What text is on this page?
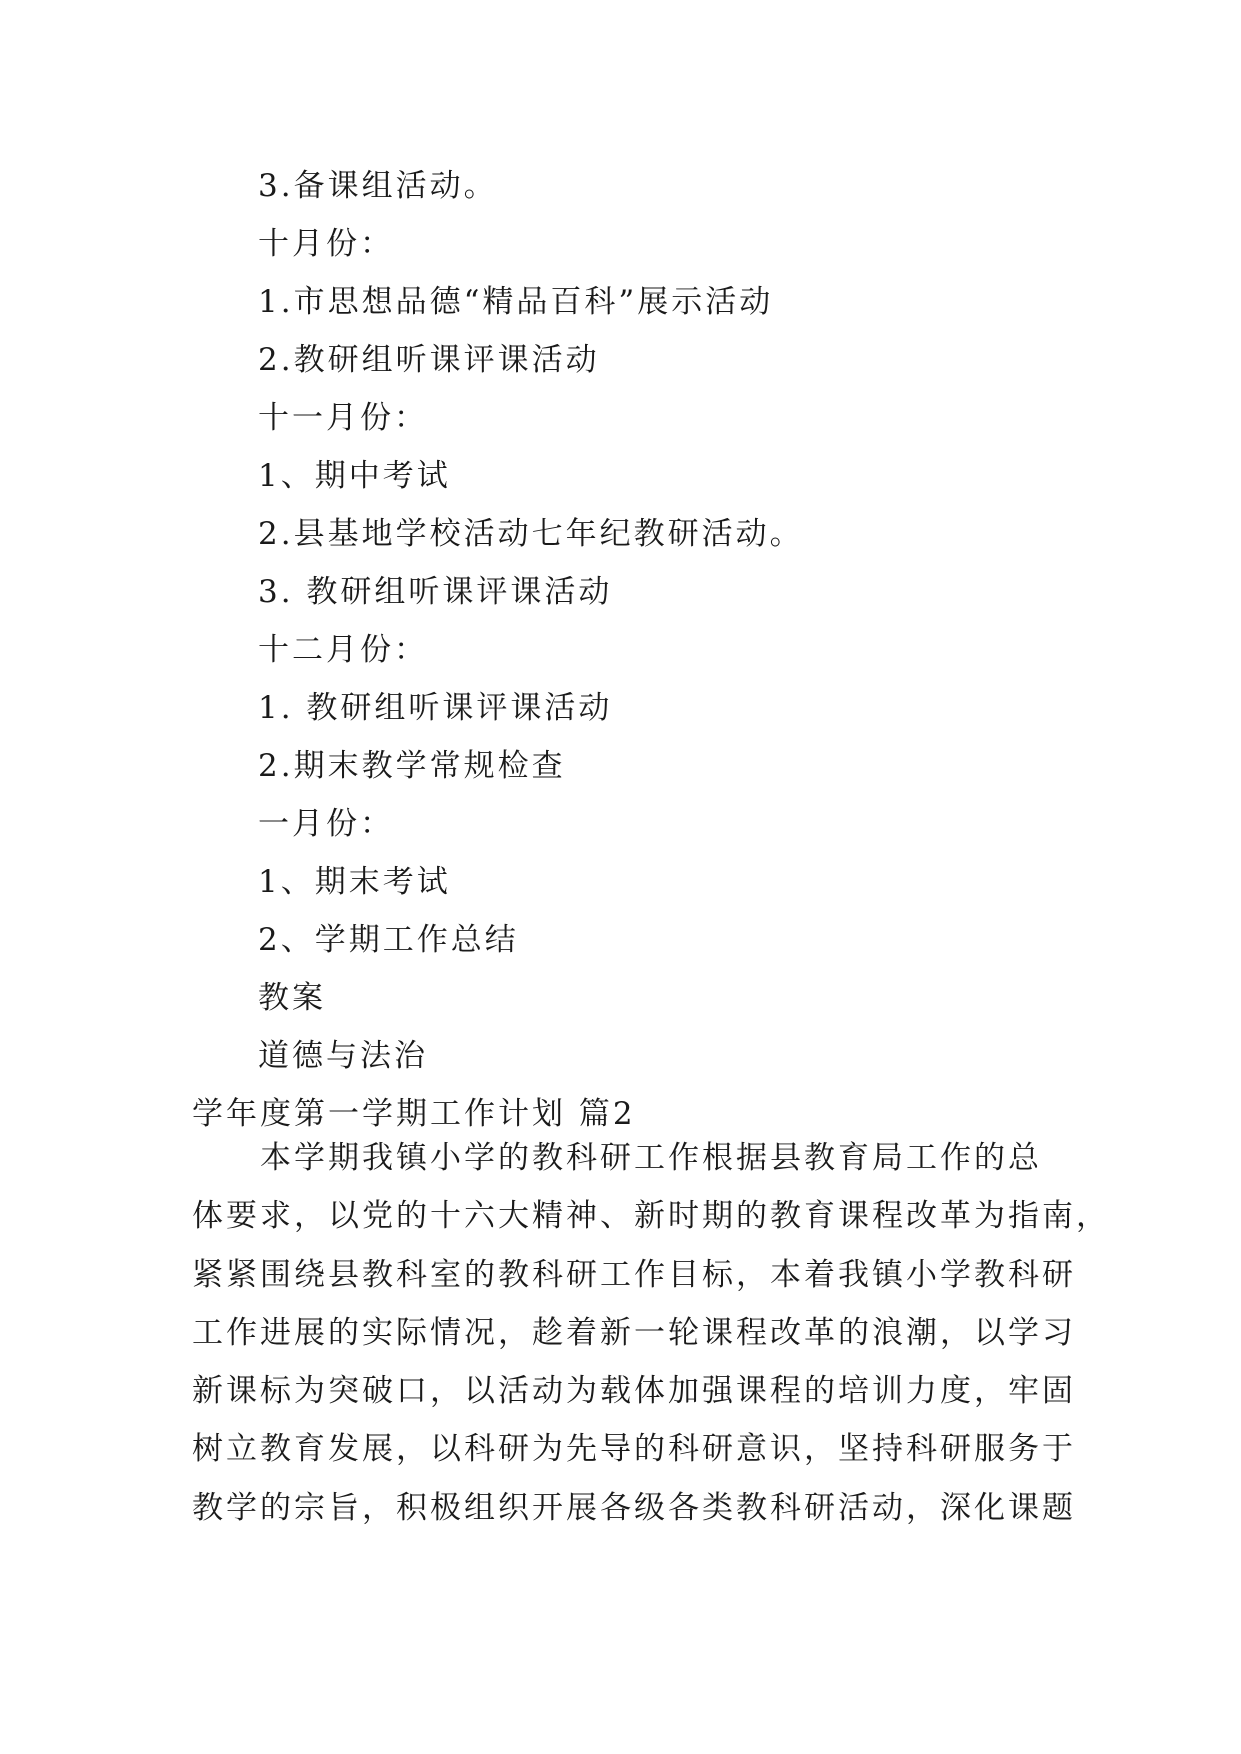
3.备课组活动。
十月份：
1.市思想品德“精品百科”展示活动
2.教研组听课评课活动
十一月份：
1、期中考试
2.县基地学校活动七年纪教研活动。
3. 教研组听课评课活动
十二月份：
1. 教研组听课评课活动
2.期末教学常规检查
一月份：
1、期末考试
2、学期工作总结
教案
道德与法治
学年度第一学期工作计划 篇2
本学期我镇小学的教科研工作根据县教育局工作的总
体要求，以党的十六大精神、新时期的教育课程改革为指南，
紧紧围绕县教科室的教科研工作目标，本着我镇小学教科研
工作进展的实际情况，趁着新一轮课程改革的浪潮，以学习
新课标为突破口，以活动为载体加强课程的培训力度，牢固
树立教育发展，以科研为先导的科研意识，坚持科研服务于
教学的宗旨，积极组织开展各级各类教科研活动，深化课题
